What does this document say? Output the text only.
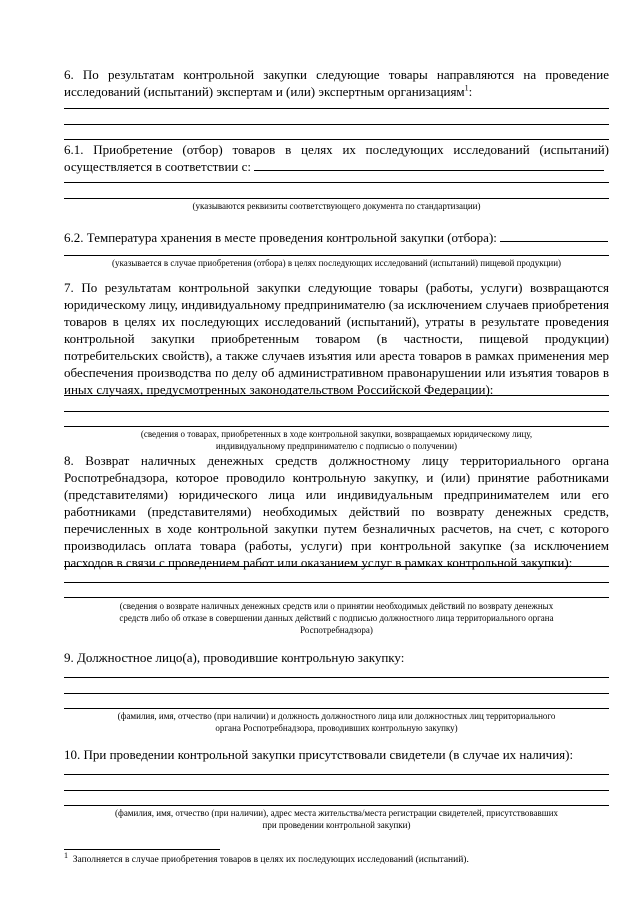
6. По результатам контрольной закупки следующие товары направляются на проведение исследований (испытаний) экспертам и (или) экспертным организациям$^1$:

6.1. Приобретение (отбор) товаров в целях их последующих исследований (испытаний)

осуществляется в соответствии с:

(указываются реквизиты соответствующего документа по стандартизации)

6.2. Температура хранения в месте проведения контрольной закупки (отбора):

(указывается в случае приобретения (отбора) в целях последующих исследований (испытаний) пищевой продукции)

7. По результатам контрольной закупки следующие товары (работы, услуги) возвращаются юридическому лицу, индивидуальному предпринимателю (за исключением случаев приобретения товаров в целях их последующих исследований (испытаний), утраты в результате проведения контрольной закупки приобретенным товаром (в частности, пищевой продукции) потребительских свойств), а также случаев изъятия или ареста товаров в рамках применения мер обеспечения производства по делу об административном правонарушении или изъятия товаров в иных случаях, предусмотренных законодательством Российской Федерации):

(сведения о товарах, приобретенных в ходе контрольной закупки, возвращаемых юридическому лицу,
индивидуальному предпринимателю с подписью о получении)

8. Возврат наличных денежных средств должностному лицу территориального органа Роспотребнадзора, которое проводило контрольную закупку, и (или) принятие работниками (представителями) юридического лица или индивидуальным предпринимателем или его работниками (представителями) необходимых действий по возврату денежных средств, перечисленных в ходе контрольной закупки путем безналичных расчетов, на счет, с которого производилась оплата товара (работы, услуги) при контрольной закупке (за исключением расходов в связи с проведением работ или оказанием услуг в рамках контрольной закупки):

(сведения о возврате наличных денежных средств или о принятии необходимых действий по возврату денежных
средств либо об отказе в совершении данных действий с подписью должностного лица территориального органа
Роспотребнадзора)

9. Должностное лицо(а), проводившие контрольную закупку:

(фамилия, имя, отчество (при наличии) и должность должностного лица или должностных лиц территориального
органа Роспотребнадзора, проводивших контрольную закупку)

10. При проведении контрольной закупки присутствовали свидетели (в случае их наличия):

(фамилия, имя, отчество (при наличии), адрес места жительства/места регистрации свидетелей, присутствовавших
при проведении контрольной закупки)
$^1$ Заполняется в случае приобретения товаров в целях их последующих исследований (испытаний).
